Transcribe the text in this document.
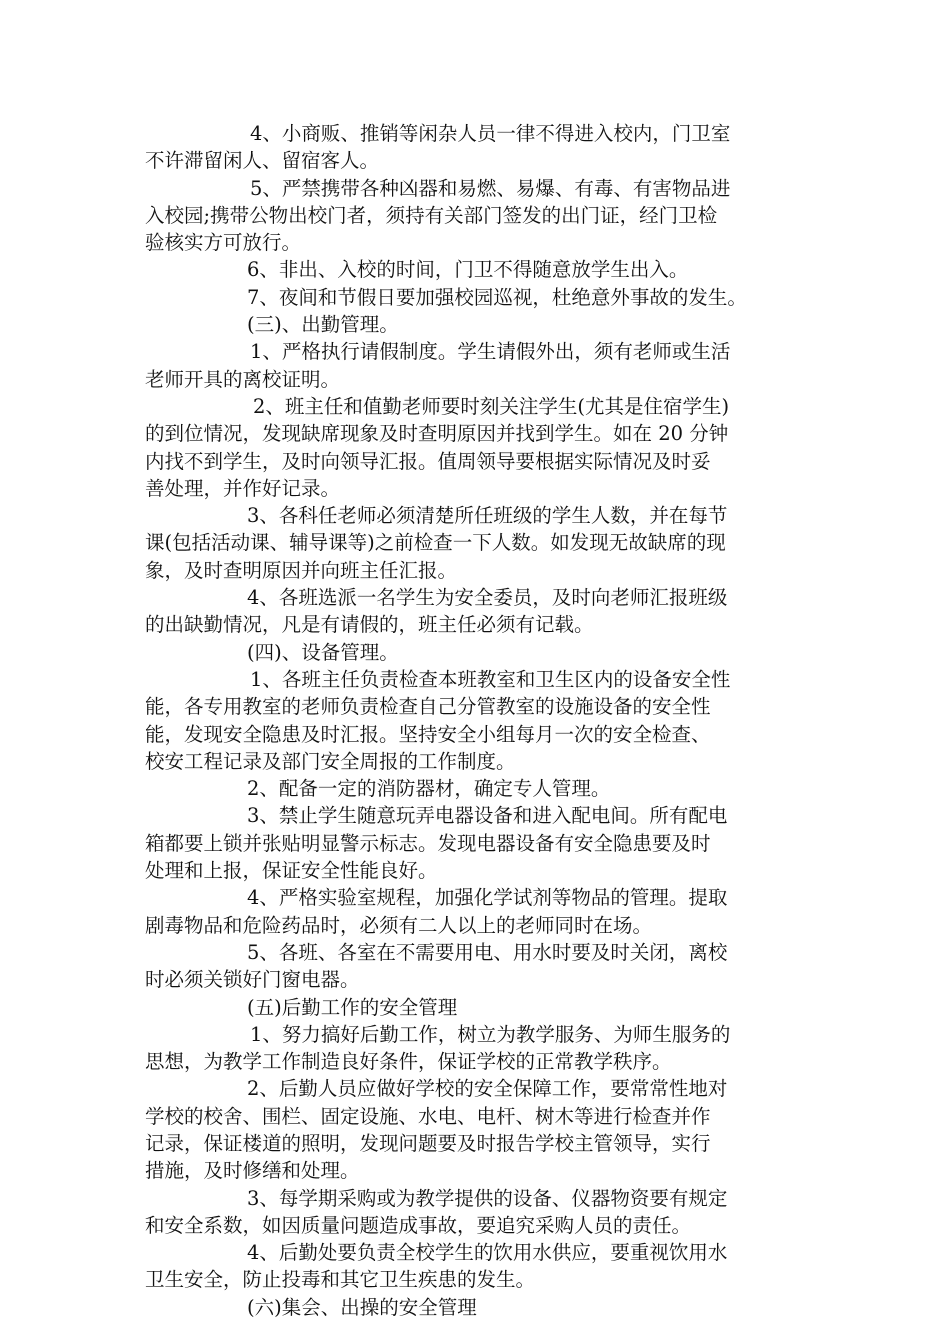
4、小商贩、推销等闲杂人员一律不得进入校内，门卫室
不许滞留闲人、留宿客人。
5、严禁携带各种凶器和易燃、易爆、有毒、有害物品进
入校园;携带公物出校门者，须持有关部门签发的出门证，经门卫检
验核实方可放行。
6、非出、入校的时间，门卫不得随意放学生出入。
7、夜间和节假日要加强校园巡视，杜绝意外事故的发生。
(三)、出勤管理。
1、严格执行请假制度。学生请假外出，须有老师或生活
老师开具的离校证明。
2、班主任和值勤老师要时刻关注学生(尤其是住宿学生)
的到位情况，发现缺席现象及时查明原因并找到学生。如在 20 分钟
内找不到学生，及时向领导汇报。值周领导要根据实际情况及时妥
善处理，并作好记录。
3、各科任老师必须清楚所任班级的学生人数，并在每节
课(包括活动课、辅导课等)之前检查一下人数。如发现无故缺席的现
象，及时查明原因并向班主任汇报。
4、各班选派一名学生为安全委员，及时向老师汇报班级
的出缺勤情况，凡是有请假的，班主任必须有记载。
(四)、设备管理。
1、各班主任负责检查本班教室和卫生区内的设备安全性
能，各专用教室的老师负责检查自己分管教室的设施设备的安全性
能，发现安全隐患及时汇报。坚持安全小组每月一次的安全检查、
校安工程记录及部门安全周报的工作制度。
2、配备一定的消防器材，确定专人管理。
3、禁止学生随意玩弄电器设备和进入配电间。所有配电
箱都要上锁并张贴明显警示标志。发现电器设备有安全隐患要及时
处理和上报，保证安全性能良好。
4、严格实验室规程，加强化学试剂等物品的管理。提取
剧毒物品和危险药品时，必须有二人以上的老师同时在场。
5、各班、各室在不需要用电、用水时要及时关闭，离校
时必须关锁好门窗电器。
(五)后勤工作的安全管理
1、努力搞好后勤工作，树立为教学服务、为师生服务的
思想，为教学工作制造良好条件，保证学校的正常教学秩序。
2、后勤人员应做好学校的安全保障工作，要常常性地对
学校的校舍、围栏、固定设施、水电、电杆、树木等进行检查并作
记录，保证楼道的照明，发现问题要及时报告学校主管领导，实行
措施，及时修缮和处理。
3、每学期采购或为教学提供的设备、仪器物资要有规定
和安全系数，如因质量问题造成事故，要追究采购人员的责任。
4、后勤处要负责全校学生的饮用水供应，要重视饮用水
卫生安全，防止投毒和其它卫生疾患的发生。
(六)集会、出操的安全管理
